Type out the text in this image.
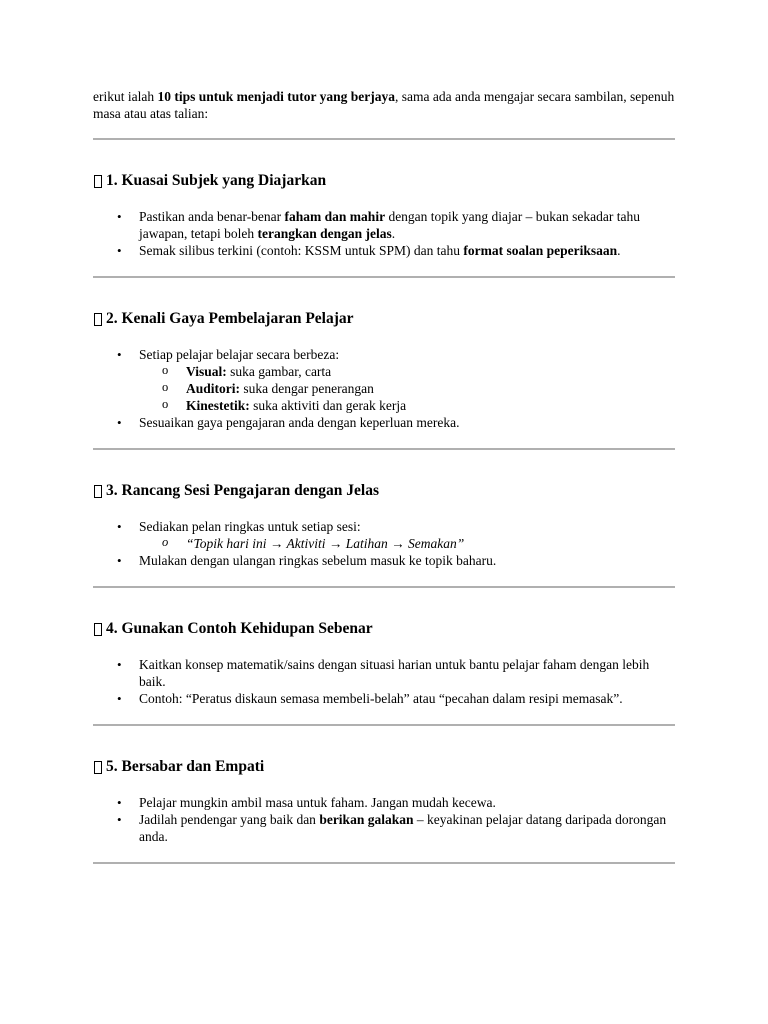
erikut ialah 10 tips untuk menjadi tutor yang berjaya, sama ada anda mengajar secara sambilan, sepenuh masa atau atas talian:

1. Kuasai Subjek yang Diajarkan
• Pastikan anda benar-benar faham dan mahir dengan topik yang diajar – bukan sekadar tahu jawapan, tetapi boleh terangkan dengan jelas.
• Semak silibus terkini (contoh: KSSM untuk SPM) dan tahu format soalan peperiksaan.
2. Kenali Gaya Pembelajaran Pelajar
• Setiap pelajar belajar secara berbeza:
o Visual: suka gambar, carta
o Auditori: suka dengar penerangan
o Kinestetik: suka aktiviti dan gerak kerja
• Sesuaikan gaya pengajaran anda dengan keperluan mereka.
3. Rancang Sesi Pengajaran dengan Jelas
• Sediakan pelan ringkas untuk setiap sesi:
o “Topik hari ini → Aktiviti → Latihan → Semakan”
• Mulakan dengan ulangan ringkas sebelum masuk ke topik baharu.
4. Gunakan Contoh Kehidupan Sebenar
• Kaitkan konsep matematik/sains dengan situasi harian untuk bantu pelajar faham dengan lebih baik.
• Contoh: “Peratus diskaun semasa membeli-belah” atau “pecahan dalam resipi memasak”.
5. Bersabar dan Empati
• Pelajar mungkin ambil masa untuk faham. Jangan mudah kecewa.
• Jadilah pendengar yang baik dan berikan galakan – keyakinan pelajar datang daripada dorongan anda.
